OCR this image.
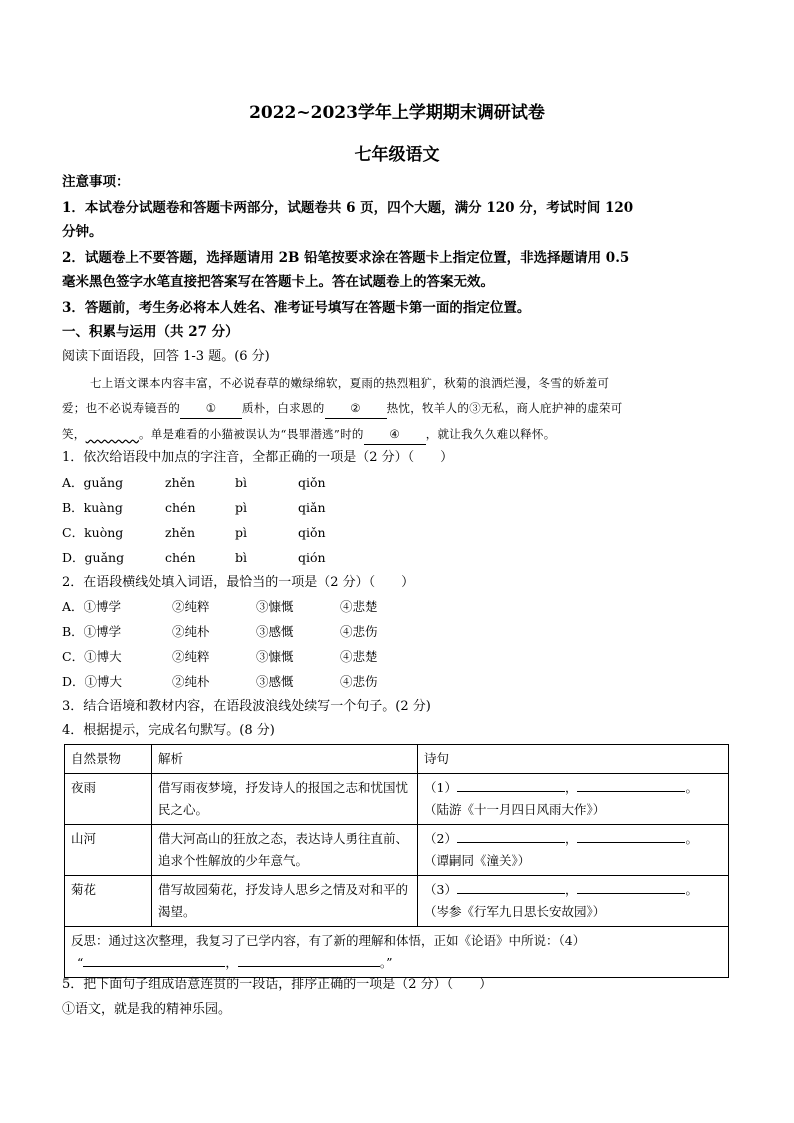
2022~2023学年上学期期末调研试卷
七年级语文
注意事项：
1．本试卷分试题卷和答题卡两部分，试题卷共 6 页，四个大题，满分 120 分，考试时间 120
分钟。
2．试题卷上不要答题，选择题请用 2B 铅笔按要求涂在答题卡上指定位置，非选择题请用 0.5
毫米黑色签字水笔直接把答案写在答题卡上。答在试题卷上的答案无效。
3．答题前，考生务必将本人姓名、准考证号填写在答题卡第一面的指定位置。
一、积累与运用（共 27 分）
阅读下面语段，回答 1-3 题。(6 分)
七上语文课本内容丰富，不必说春草的嫩绿绵软，夏雨的热烈粗犷，秋菊的浪洒烂漫，冬雪的娇羞可
爱；也不必说寿镜吾的 ① 质朴，白求恩的 ② 热忱，牧羊人的③无私，商人庇护神的虚荣可
笑，       	。单是难看的小猫被误认为“畏罪潜逃”时的 ④ ，就让我久久难以释怀。
1．依次给语段中加点的字注音，全都正确的一项是（2 分）（　　）
A．guǎng	zhěn	bì	qiǒn
B．kuàng	chén	pì	qiǎn
C．kuòng	zhěn	pì	qiǒn
D．guǎng	chén	bì	qión
2．在语段横线处填入词语，最恰当的一项是（2 分）（　　）
A．①博学	②纯粹	③慷慨	④悲楚
B．①博学	②纯朴	③感慨	④悲伤
C．①博大	②纯粹	③慷慨	④悲楚
D．①博大	②纯朴	③感慨	④悲伤
3．结合语境和教材内容，在语段波浪线处续写一个句子。(2 分)
4．根据提示，完成名句默写。(8 分)
自然景物	解析	诗句
夜雨	借写雨夜梦境，抒发诗人的报国之志和忧国忧民之心。	（1） ， 。
（陆游《十一月四日风雨大作》）

山河	借大河高山的狂放之态，表达诗人勇往直前、追求个性解放的少年意气。	（2） ， 。
（谭嗣同《潼关》）

菊花	借写故园菊花，抒发诗人思乡之情及对和平的渴望。	（3） ， 。
（岑参《行军九日思长安故园》）

反思：通过这次整理，我复习了已学内容，有了新的理解和体悟，正如《论语》中所说：（4）
“ ， 。”		
5．把下面句子组成语意连贯的一段话，排序正确的一项是（2 分）（　　）
①语文，就是我的精神乐园。
